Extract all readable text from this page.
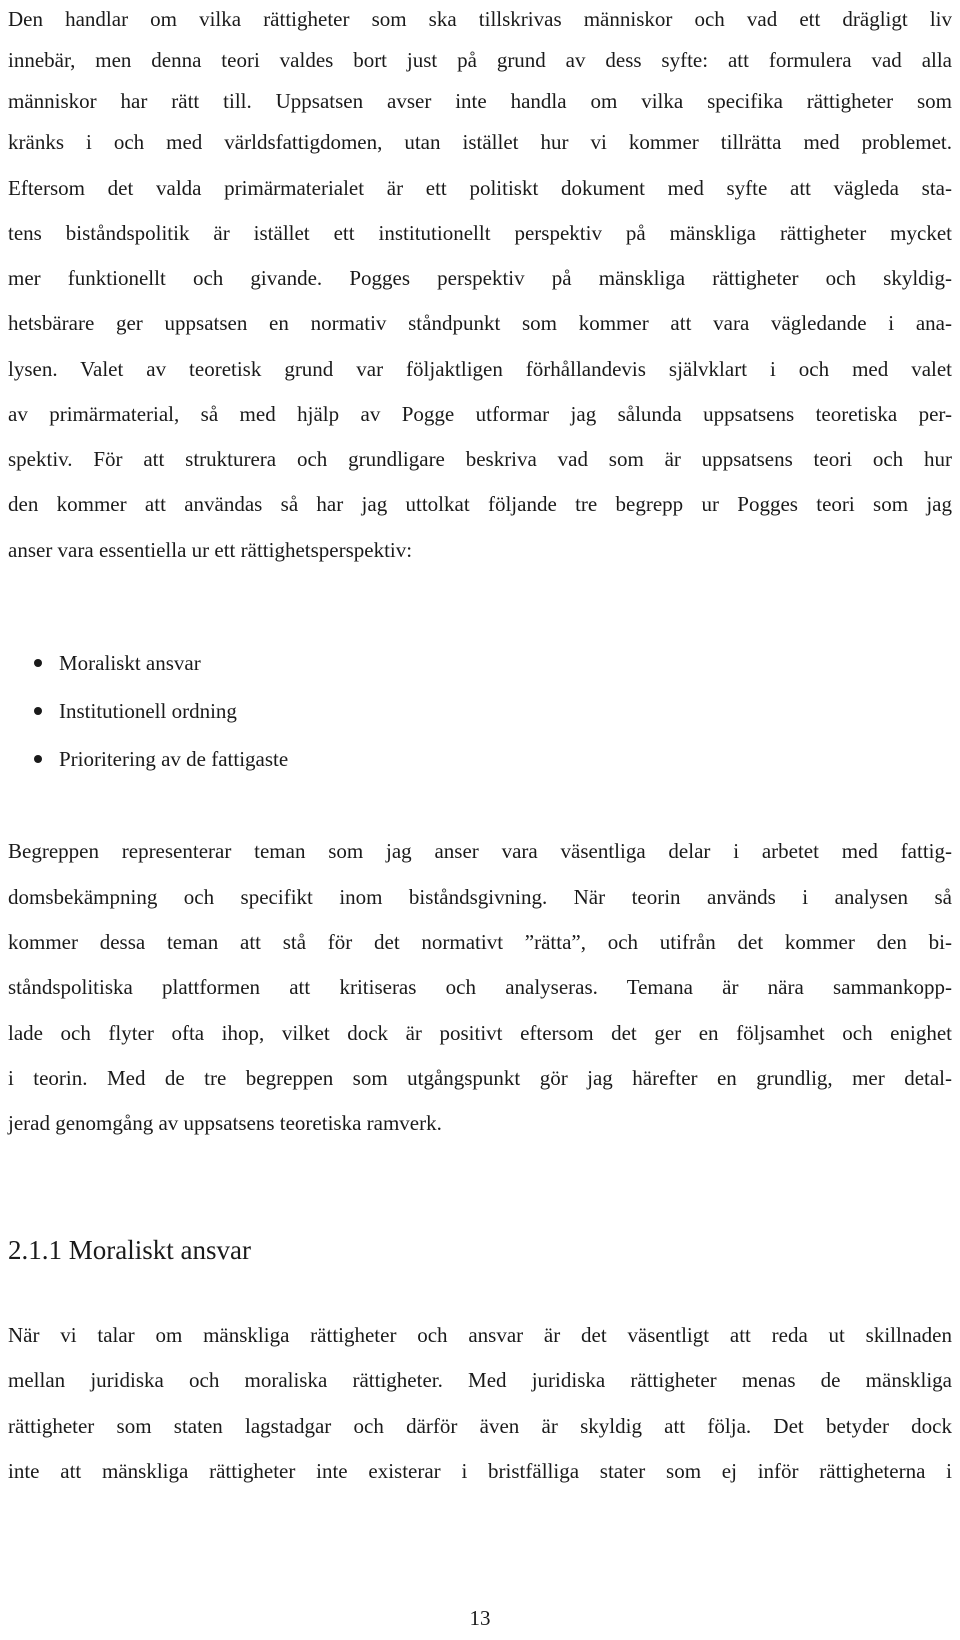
Den handlar om vilka rättigheter som ska tillskrivas människor och vad ett drägligt liv
innebär, men denna teori valdes bort just på grund av dess syfte: att formulera vad alla
människor har rätt till. Uppsatsen avser inte handla om vilka specifika rättigheter som
kränks i och med världsfattigdomen, utan istället hur vi kommer tillrätta med problemet.
Eftersom det valda primärmaterialet är ett politiskt dokument med syfte att vägleda sta-
tens biståndspolitik är istället ett institutionellt perspektiv på mänskliga rättigheter mycket
mer funktionellt och givande. Pogges perspektiv på mänskliga rättigheter och skyldig-
hetsbärare ger uppsatsen en normativ ståndpunkt som kommer att vara vägledande i ana-
lysen. Valet av teoretisk grund var följaktligen förhållandevis självklart i och med valet
av primärmaterial, så med hjälp av Pogge utformar jag sålunda uppsatsens teoretiska per-
spektiv. För att strukturera och grundligare beskriva vad som är uppsatsens teori och hur
den kommer att användas så har jag uttolkat följande tre begrepp ur Pogges teori som jag
anser vara essentiella ur ett rättighetsperspektiv:
Moraliskt ansvar
Institutionell ordning
Prioritering av de fattigaste
Begreppen representerar teman som jag anser vara väsentliga delar i arbetet med fattig-
domsbekämpning och specifikt inom biståndsgivning. När teorin används i analysen så
kommer dessa teman att stå för det normativt ”rätta”, och utifrån det kommer den bi-
ståndspolitiska plattformen att kritiseras och analyseras. Temana är nära sammankopp-
lade och flyter ofta ihop, vilket dock är positivt eftersom det ger en följsamhet och enighet
i teorin. Med de tre begreppen som utgångspunkt gör jag härefter en grundlig, mer detal-
jerad genomgång av uppsatsens teoretiska ramverk.
2.1.1 Moraliskt ansvar
När vi talar om mänskliga rättigheter och ansvar är det väsentligt att reda ut skillnaden
mellan juridiska och moraliska rättigheter. Med juridiska rättigheter menas de mänskliga
rättigheter som staten lagstadgar och därför även är skyldig att följa. Det betyder dock
inte att mänskliga rättigheter inte existerar i bristfälliga stater som ej inför rättigheterna i
13
